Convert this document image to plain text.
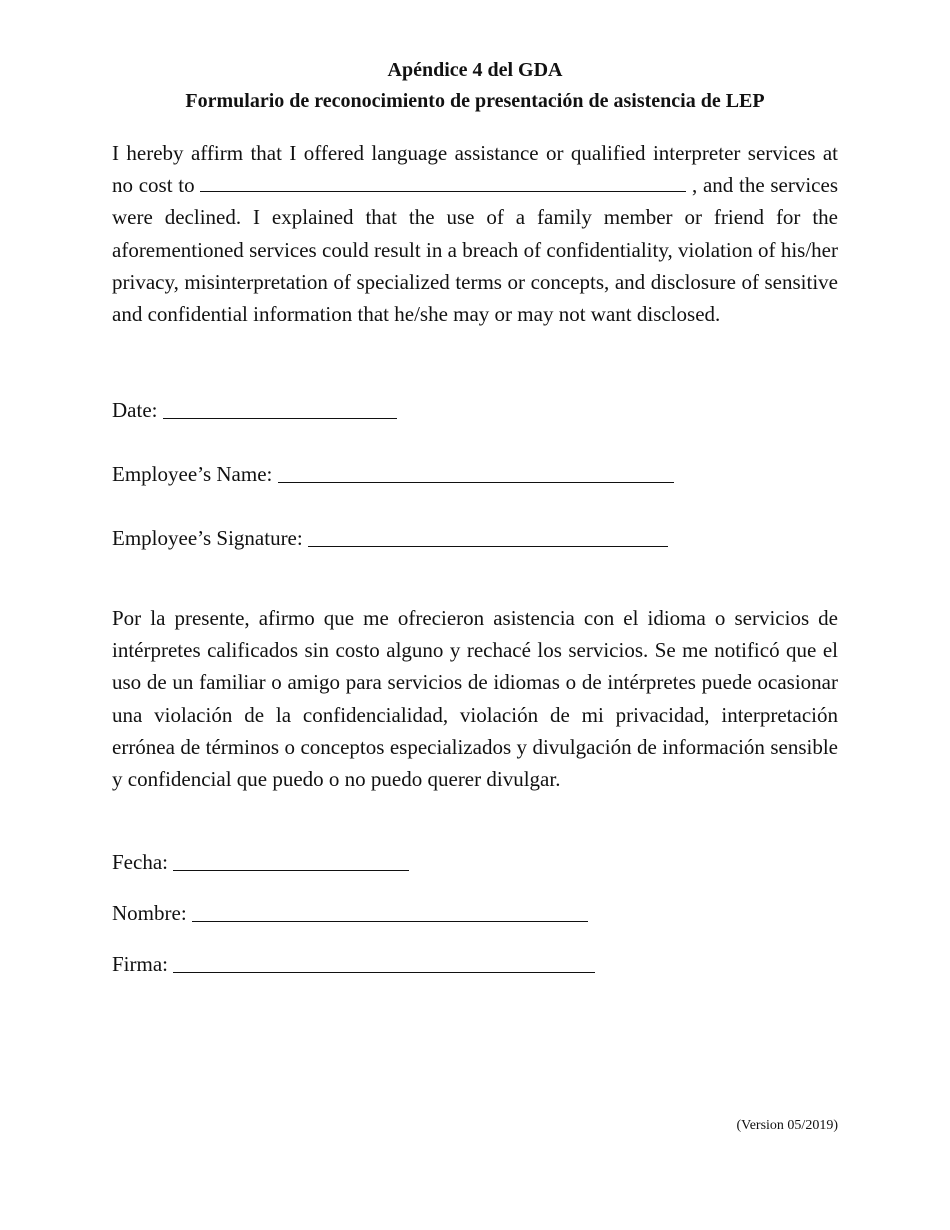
Apéndice 4 del GDA
Formulario de reconocimiento de presentación de asistencia de LEP

I hereby affirm that I offered language assistance or qualified interpreter services at no cost to	, and the services were declined. I explained that the use of a family member or friend for the aforementioned services could result in a breach of confidentiality, violation of his/her privacy, misinterpretation of specialized terms or concepts, and disclosure of sensitive and confidential information that he/she may or may not want disclosed.

Date:
Employee’s Name:
Employee’s Signature:

Por la presente, afirmo que me ofrecieron asistencia con el idioma o servicios de intérpretes calificados sin costo alguno y rechacé los servicios. Se me notificó que el uso de un familiar o amigo para servicios de idiomas o de intérpretes puede ocasionar una violación de la confidencialidad, violación de mi privacidad, interpretación errónea de términos o conceptos especializados y divulgación de información sensible y confidencial que puedo o no puedo querer divulgar.

Fecha:
Nombre:
Firma:
(Version 05/2019)
